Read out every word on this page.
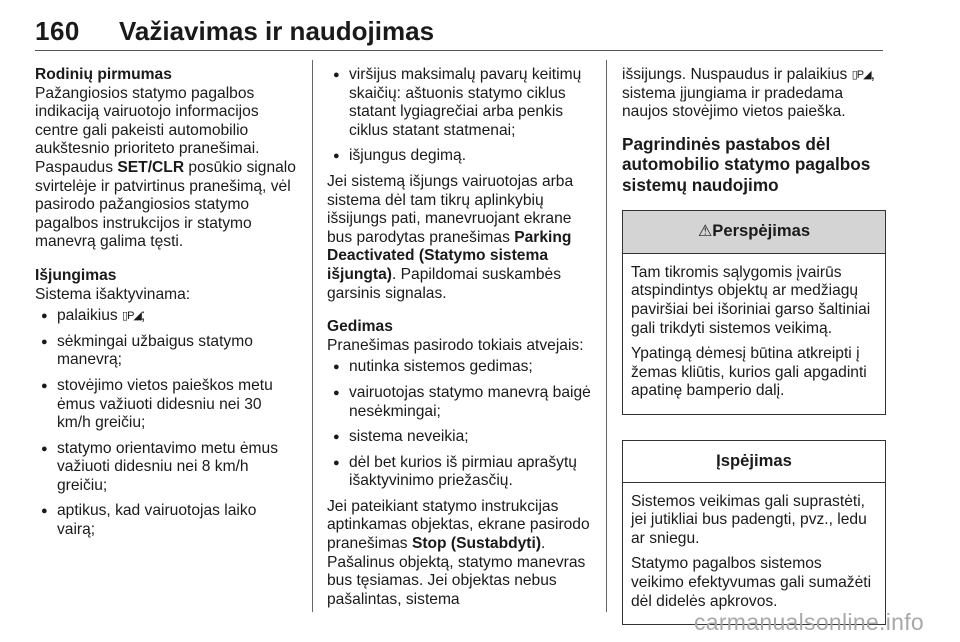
160 Važiavimas ir naudojimas

Rodinių pirmumas

Pažangiosios statymo pagalbos indikaciją vairuotojo informacijos centre gali pakeisti automobilio aukštesnio prioriteto pranešimai. Paspaudus SET/CLR posūkio signalo svirtelėje ir patvirtinus pranešimą, vėl pasirodo pažangiosios statymo pagalbos instrukcijos ir statymo manevrą galima tęsti.

Išjungimas

Sistema išaktyvinama:

● palaikius ▯P◢;
● sėkmingai užbaigus statymo manevrą;
● stovėjimo vietos paieškos metu ėmus važiuoti didesniu nei 30 km/h greičiu;
● statymo orientavimo metu ėmus važiuoti didesniu nei 8 km/h greičiu;
● aptikus, kad vairuotojas laiko vairą;
● viršijus maksimalų pavarų keitimų skaičių: aštuonis statymo ciklus statant lygiagrečiai arba penkis ciklus statant statmenai;
● išjungus degimą.

Jei sistemą išjungs vairuotojas arba sistema dėl tam tikrų aplinkybių išsijungs pati, manevruojant ekrane bus parodytas pranešimas Parking Deactivated (Statymo sistema išjungta). Papildomai suskambės garsinis signalas.

Gedimas

Pranešimas pasirodo tokiais atvejais:

● nutinka sistemos gedimas;
● vairuotojas statymo manevrą baigė nesėkmingai;
● sistema neveikia;
● dėl bet kurios iš pirmiau aprašytų išaktyvinimo priežasčių.

Jei pateikiant statymo instrukcijas aptinkamas objektas, ekrane pasirodo pranešimas Stop (Sustabdyti). Pašalinus objektą, statymo manevras bus tęsiamas. Jei objektas nebus pašalintas, sistema

išsijungs. Nuspaudus ir palaikius ▯P◢, sistema įjungiama ir pradedama naujos stovėjimo vietos paieška.

Pagrindinės pastabos dėl automobilio statymo pagalbos sistemų naudojimo

⚠Perspėjimas

Tam tikromis sąlygomis įvairūs atspindintys objektų ar medžiagų paviršiai bei išoriniai garso šaltiniai gali trikdyti sistemos veikimą.

Ypatingą dėmesį būtina atkreipti į žemas kliūtis, kurios gali apgadinti apatinę bamperio dalį.

Įspėjimas

Sistemos veikimas gali suprastėti, jei jutikliai bus padengti, pvz., ledu ar sniegu.

Statymo pagalbos sistemos veikimo efektyvumas gali sumažėti dėl didelės apkrovos.

carmanualsonline.info
